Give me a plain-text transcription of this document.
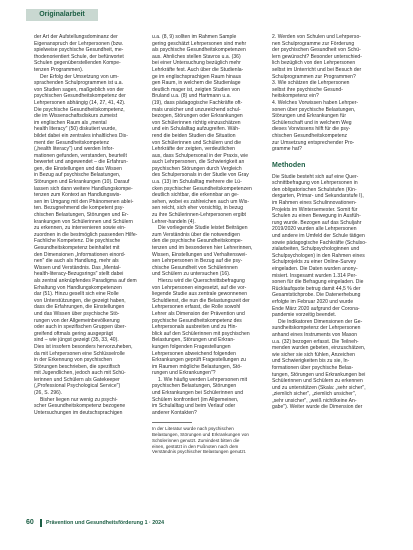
Originalarbeit
der Art der Aufstellungsdominanz der
Eigenanspruch der Lehrpersonen (bzw.
spielweise psychische Gesundheit, me-
thodenorientiert Schule, der befürwortet
Schulen gegenüberstellenden Kompe-
tenzen Programmen).
Der Erfolg der Umsetzung von um-
sprachenden Schulprogrammen ist u.a.
von Studien sagen, maßgeblich von der
psychischen Gesundheitskompetenz der
Lehrpersonen abhängig (14, 27, 41, 42).
Die psychische Gesundheitskompetenz,
die im Wissenschaftsdiskurs zumeist
im englischen Raum als „mental
health literacy" (50) diskutiert wurde,
bildet dabei ein zentrales inhaltliches Dis-
ment der Gesundheitskompetenz
(„health literacy") und werden Infor-
mationen gefunden, verstanden, beurteilt
bewertet und angewendet – die Erfahrun-
gen, die Einstellungen und das Wissen
in Bezug auf psychische Belastungen,
Störungen und Erkrankungen (10). Darauf
lassen sich dann weitere Handlungskompe-
tenzen zum Kontext an Handlungswis-
sen im Umgang mit den Phänomenen ablei-
ten. Bezugnehmend die kompetent psy-
chischen Belastungen, Störungen und Er-
krankungen von Schülerinnen und Schülern
zu erkennen, zu intervenieren sowie ein-
zuordnen in die bestmöglich passenden Hilfe-
Fachliche Kompetenz. Die psychische
Gesundheitskompetenz beinhaltet mit
den Dimensionen „Informationen einord-
nen" die auch als Handlung, mehr als
Wissen und Verständnis. Das „Mental-
health-literacy-Bezugsrings" stellt dabei
als zentral anknüpfendes Paradigma auf dem
Erhaltung von Handlungskompetenzen
dar (51). Hinzu gesellt sich eine Rolle
von Unterstützungen, die gezeigt haben,
dass die Erfahrungen, die Einstellungen
und das Wissen über psychische Stö-
rungen von der Allgemeinbevölkerung
oder auch in spezifischen Gruppen über-
greifend oftmals gering ausgeprägt
sind – wie jüngst gezeigt (35, 33, 40).
Dies ist insofern besonders hervorzuheben,
da mit Lehrpersonen eine Schlüsselrolle
in der Erkennung von psychischen
Störungen beschrieben, die spezifisch
mit Jugendlichen, jedoch auch mit Schü-
lerinnen und Schülern als Gatekeeper
(„Professional Psychological Service")
(26, S. 296).
Bisher liegen nur wenig zu psychi-
scher Gesundheitskompetenz bezogene
Untersuchungen im deutschsprachigen
u.a. (8, 9) sollten im Rahmen Sample
gering geschätzt Lehrpersonen sind mehr
als psychische Gesundheitskompetenzen
aus. Ähnliches stellen Stavros u.a. (36)
bei einer Untersuchung bezüglich mehr
Lehrkräfte fest. Auch über die Studienla-
ge im englischsprachigen Raum hinaus
gen Raum, in welchem die Studienlage
deutlich mager ist, zeigten Studien von
Bruland u.a. (8) und Hartmann u.a.
(19), dass pädagogische Fachkräfte oft-
mals unsicher und unzureichend schul-
bezogen, Störungen oder Erkrankungen
von Schülerinnen richtig einzuschätzen
und ein Schulalltag aufzugreifen. Wäh-
rend die beiden Studien die Situation
von Schülerinnen und Schülern und die
Lehrkräfte der zeigten, verdeutlichen
aus, dass Schulpersonal in der Praxis, wie
auch Lehrpersonen, die Schwierigkeit an
psychischen Störungen durch Vergleich
des Schulpersonals in der Studie von Gray
u.a. (13) im Schulalltag mehrere die Lü-
cken psychischer Gesundheitskompetenzen
deutlich sichtbar, die erkennbar an ge-
sehen, wobei es zahlreichen auch um Wis-
sen reicht, sich eher vorsichtig, in bezug
zu ihre Schülerinnen-Lehrpersonen ergibt
Lehrer-handeln (4).
Die vorliegende Studie leistet Beiträgen
zum Verständnis über die notwendigen
den die psychische Gesundheitskompe-
tenzen und im besonderen hier Lehrerinnen,
Wissen, Einstellungen und Verhaltenswei-
sen Lehrpersonen in Bezug auf die psy-
chische Gesundheit von Schülerinnen
und Schülern zu untersuchen (16).
Hierzu wird die Querschnittsbefragung
von Lehrpersonen eingesetzt, auf die vor-
liegende Studie aus zentrale gewonnenen
Schuldienst, die nun die Belastungszeit der
Lehrpersonen erfasst, die Rolle sowohl
Lehrer als Dimension der Prävention und
psychische Gesundheitskompetenz des
Lehrpersonals ausbreiten und zu Hin-
blick auf den Schülerinnen mit psychischen
Belastungen, Störungen und Erkran-
kungen folgenden Fragestellungen
Lehrpersonen abweichend folgenden
Erkrankungen geprüft Fragestellungen zu
im Raumen mögliche Belastungen, Stö-
rungen und Erkrankungen"?
1. Wie häufig werden Lehrpersonen mit
psychischen Belastungen, Störungen
und Erkrankungen bei Schülerinnen und
Schülern konfrontiert (im Allgemeinen,
im Schulalltag und beim Verlauf oder
anderer Kontakten?
In der Literatur wurde nach psychischen
Belastungen, Störungen und Erkrankungen von
Schülerinnen genutzt. Zumindest bitten die
einen, gestützt in den Fußnoten nach dem
Verständnis psychischer Belastungen genutzt.
2. Werden von Schulen und Lehrperso-
nen Schulprogramme zur Förderung
der psychischen Gesundheit von Schü-
lern gewünscht? Besonder unterschied-
lich bezüglich von den Lehrpersonen
selbst im Unterricht und bei Besuch der
Schulprogrammen zur Programmen?
3. Wie schätzen die Lehrpersonen
selbst ihre psychische Gesund-
heitskompetenz ein?
4. Welches Vorwissen haben Lehrper-
sonen über psychische Belastungen,
Störungen und Erkrankungen für
Schülerschaft und in welchem Weg
dieses Vorwissens hilft für die psy-
chischen Gesundheitskompetenz
zur Umsetzung entsprechender Pro-
gramme hat?
Methoden
Die Studie besteht sich auf eine Quer-
schnittbefragung von Lehrpersonen in
den obligatorischen Schulstufen (Kin-
dergarten, Primar- und Sekundarstufe I),
im Rahmen eines Schulinnovationen-
Projekts im Wintersemester. Somit für
Schulen zu einen Bewegung in Ausfüh-
rung wurde. Bezogen auf das Schuljahr
2019/2020 wurden alle Lehrpersonen
und andere im Umfeld der Schule tätigen
sowie pädagogische Fachkräfte (Schulso-
zialarbeiten, Schulpsychologinnen und
Schulpsychologen) in den Rahmen eines
Schulprojekts zu einer Online-Survey
eingeladen. Die Daten wurden anony-
misiert. Insgesamt wurden 1.314 Per-
sonen für die Befragung eingeladen. Die
Rücklaufquote betrug damit 44,5 % der
Gesamtstichprobe. Die Datenerhebung
erfolgte im Februar 2020 und wurde
Ende März 2020 aufgrund der Corona-
pandemie vorzeitig beendet.
Die Indikatoren Dimensionen der Ge-
sundheitskompetenz der Lehrpersonen
anhand eines Instruments von Mason
u.a. (32) bezogen erfasst. Die Teilneh-
menden wurden gebeten, einzuschätzen,
wie sicher sie sich fühlen, Anzeichen
und Schwierigkeiten bis zu sie, In-
formationen über psychische Belas-
tungen, Störungen und Erkrankungen bei
Schülerinnen und Schülern zu erkennen
und zu unterstützen (Skala: „sehr sicher",
„ziemlich sicher", „ziemlich unsicher",
„sehr unsicher", „weiß nicht/keine An-
gabe"). Weiter wurde die Dimension der
60 Prävention und Gesundheitsförderung 1 · 2024
